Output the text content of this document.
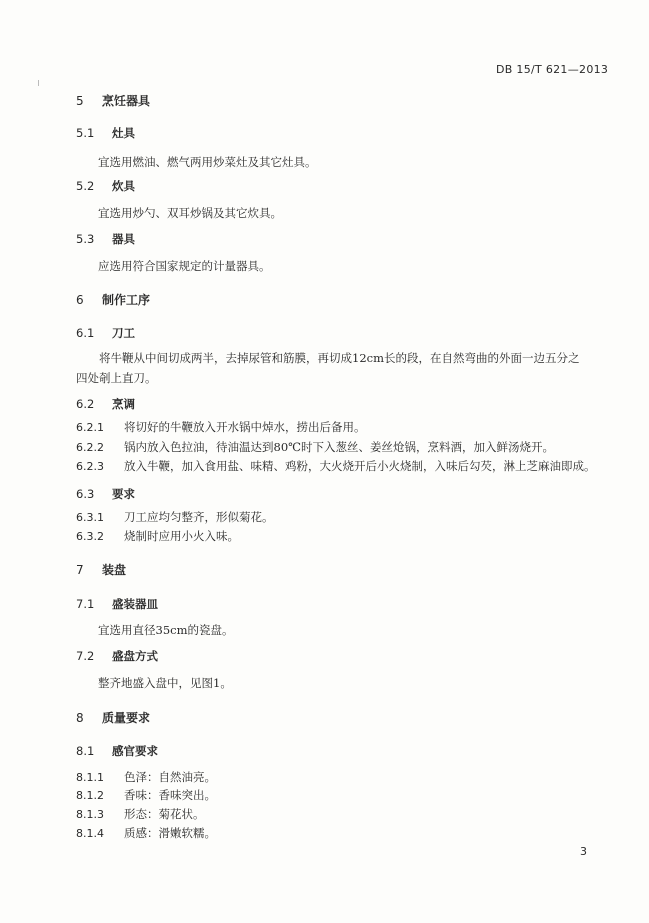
DB 15/T 621—2013
5 烹饪器具
5.1 灶具
宜选用燃油、燃气两用炒菜灶及其它灶具。
5.2 炊具
宜选用炒勺、双耳炒锅及其它炊具。
5.3 器具
应选用符合国家规定的计量器具。
6 制作工序
6.1 刀工
将牛鞭从中间切成两半，去掉尿管和筋膜，再切成12cm长的段，在自然弯曲的外面一边五分之四处剞上直刀。
6.2 烹调
6.2.1 将切好的牛鞭放入开水锅中焯水，捞出后备用。
6.2.2 锅内放入色拉油，待油温达到80℃时下入葱丝、姜丝炝锅，烹料酒，加入鲜汤烧开。
6.2.3 放入牛鞭，加入食用盐、味精、鸡粉，大火烧开后小火烧制，入味后勾芡，淋上芝麻油即成。
6.3 要求
6.3.1 刀工应均匀整齐，形似菊花。
6.3.2 烧制时应用小火入味。
7 装盘
7.1 盛装器皿
宜选用直径35cm的瓷盘。
7.2 盛盘方式
整齐地盛入盘中，见图1。
8 质量要求
8.1 感官要求
8.1.1 色泽：自然油亮。
8.1.2 香味：香味突出。
8.1.3 形态：菊花状。
8.1.4 质感：滑嫩软糯。
3
